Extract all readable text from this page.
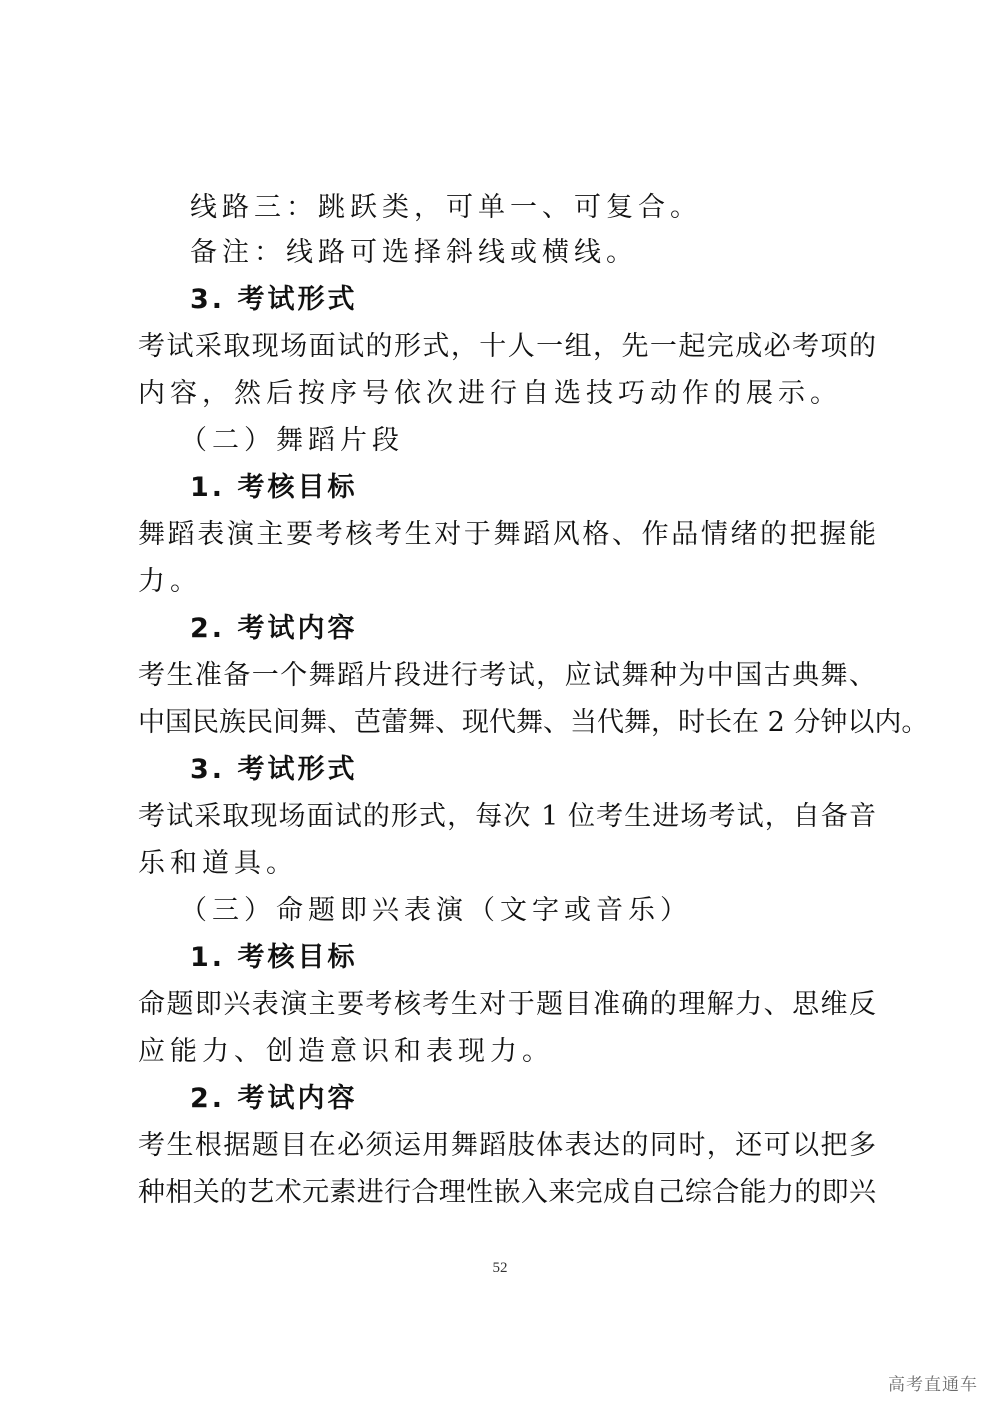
线路三：跳跃类，可单一、可复合。
备注：线路可选择斜线或横线。
3. 考试形式
考试采取现场面试的形式，十人一组，先一起完成必考项的
内容，然后按序号依次进行自选技巧动作的展示。
（二）舞蹈片段
1. 考核目标
舞蹈表演主要考核考生对于舞蹈风格、作品情绪的把握能
力。
2. 考试内容
考生准备一个舞蹈片段进行考试，应试舞种为中国古典舞、
中国民族民间舞、芭蕾舞、现代舞、当代舞，时长在 2 分钟以内。
3. 考试形式
考试采取现场面试的形式，每次 1 位考生进场考试，自备音
乐和道具。
（三）命题即兴表演（文字或音乐）
1. 考核目标
命题即兴表演主要考核考生对于题目准确的理解力、思维反
应能力、创造意识和表现力。
2. 考试内容
考生根据题目在必须运用舞蹈肢体表达的同时，还可以把多
种相关的艺术元素进行合理性嵌入来完成自己综合能力的即兴
52
高考直通车
